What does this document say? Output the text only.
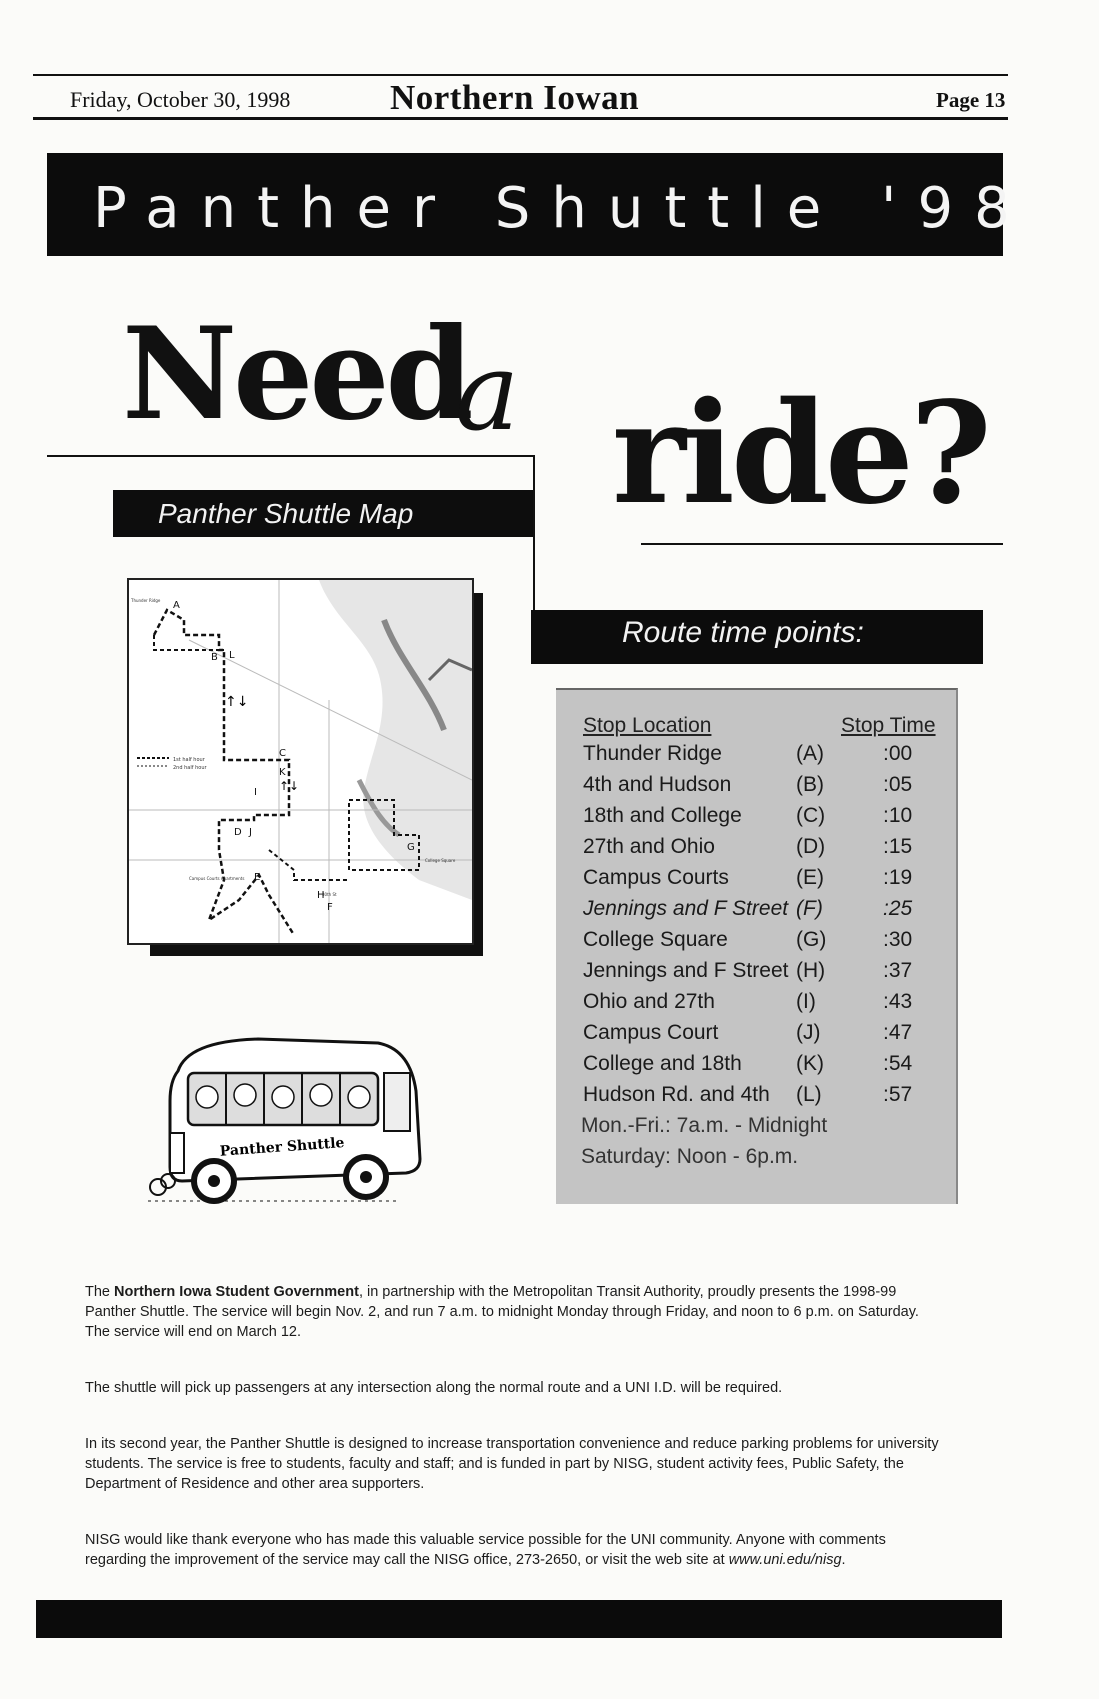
Friday, October 30, 1998	Northern Iowan	Page 13
Panther Shuttle '98
Need
a ride?
Panther Shuttle Map
↑↓
↑↓
1st half hour
2nd half hour
A
B L
C
K
D J
I
E
F
G
H
Thunder Ridge
Campus Courts Apartments
College Square
30th St
Route time points:
Stop Location	Stop Time
Thunder Ridge	(A)	:00
4th and Hudson	(B)	:05
18th and College	(C)	:10
27th and Ohio	(D)	:15
Campus Courts	(E)	:19
Jennings and F Street (F)	:25
College Square	(G)	:30
Jennings and F Street (H)	:37
Ohio and 27th	(I)	:43
Campus Court	(J)	:47
College and 18th	(K)	:54
Hudson Rd. and 4th (L)	:57
Mon.-Fri.: 7a.m. - Midnight
Saturday: Noon - 6p.m.
Panther Shuttle
The Northern Iowa Student Government, in partnership with the Metropolitan Transit Authority, proudly presents the 1998-99 Panther Shuttle. The service will begin Nov. 2, and run 7 a.m. to midnight Monday through Friday, and noon to 6 p.m. on Saturday. The service will end on March 12.
The shuttle will pick up passengers at any intersection along the normal route and a UNI I.D. will be required.
In its second year, the Panther Shuttle is designed to increase transportation convenience and reduce parking problems for university students. The service is free to students, faculty and staff; and is funded in part by NISG, student activity fees, Public Safety, the Department of Residence and other area supporters.
NISG would like thank everyone who has made this valuable service possible for the UNI community. Anyone with comments regarding the improvement of the service may call the NISG office, 273-2650, or visit the web site at www.uni.edu/nisg.
